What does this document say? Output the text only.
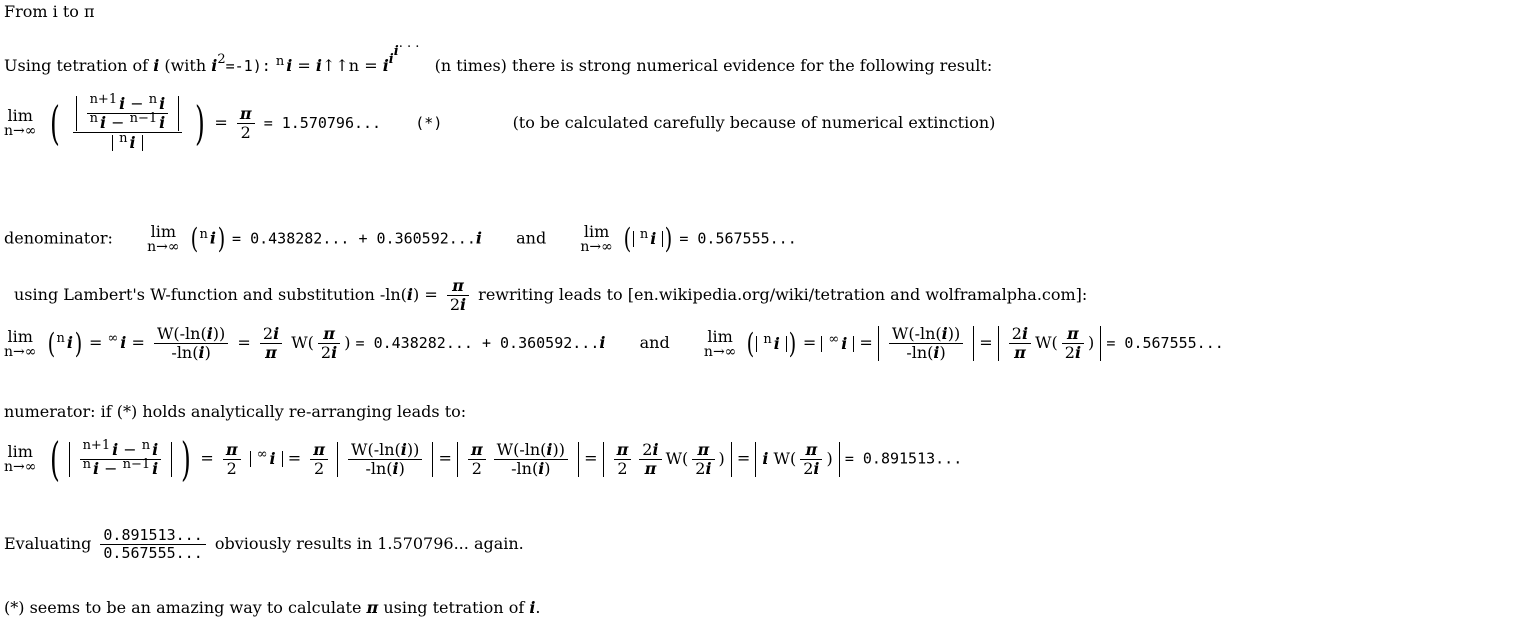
From i to π
Using tetration of i (with $i^2=-1$): $^n$ i = i↑↑n = $i^{ii. . .}$   (n times) there is strong numerical evidence for the following result:
lim
n→∞ ( $\frac{\frac{^{n+1} i - ^n i}{^n i - ^{n-1} i}}{^n i}$ ) = $\frac{\pi}{2} = 1.570796$... (*)	(to be calculated carefully because of numerical extinction)
denominator: lim
n→∞ ( $^n$ i) = 0.438282... + 0.360592...i and lim
n→∞ ( $^n$ i ) = 0.567555...
using Lambert's W-function and substitution $-\ln(i) = \frac{\pi}{2i}$ rewriting leads to [en.wikipedia.org/wiki/tetration and wolframalpha.com]:
lim
n→∞ ( $^n$ i) = ∞ $i = \frac{W(-\ln(i))}{-\ln(i)} = \frac{2i}{\pi} W( \frac{\pi}{2i}$ ) = 0.438282... + 0.360592...i and lim
n→∞ ( $^n$ i ) = ∞ $i = \frac{W(-\ln(i))}{-\ln(i)} = \frac{2i}{\pi} W( \frac{\pi}{2i}$ ) = 0.567555...
numerator: if (*) holds analytically re-arranging leads to:
lim
n→∞ ( $\frac{^{n+1} i - ^n i}{^n i - ^{n-1} i}$ ) = $\frac{\pi}{2} ^\infty$ $i = \frac{\pi}{2}$
$\frac{W(-\ln(i))}{-\ln(i)} = \frac{\pi}{2} \frac{W(-\ln(i))}{-\ln(i)} = \frac{\pi}{2} \frac{2i}{\pi} W( \frac{\pi}{2i}$ ) = i $W( \frac{\pi}{2i}$ ) = 0.891513...
Evaluating $\frac{0.891513...}{0.567555...}$ obviously results in 1.570796... again.
(*) seems to be an amazing way to calculate π using tetration of i.
